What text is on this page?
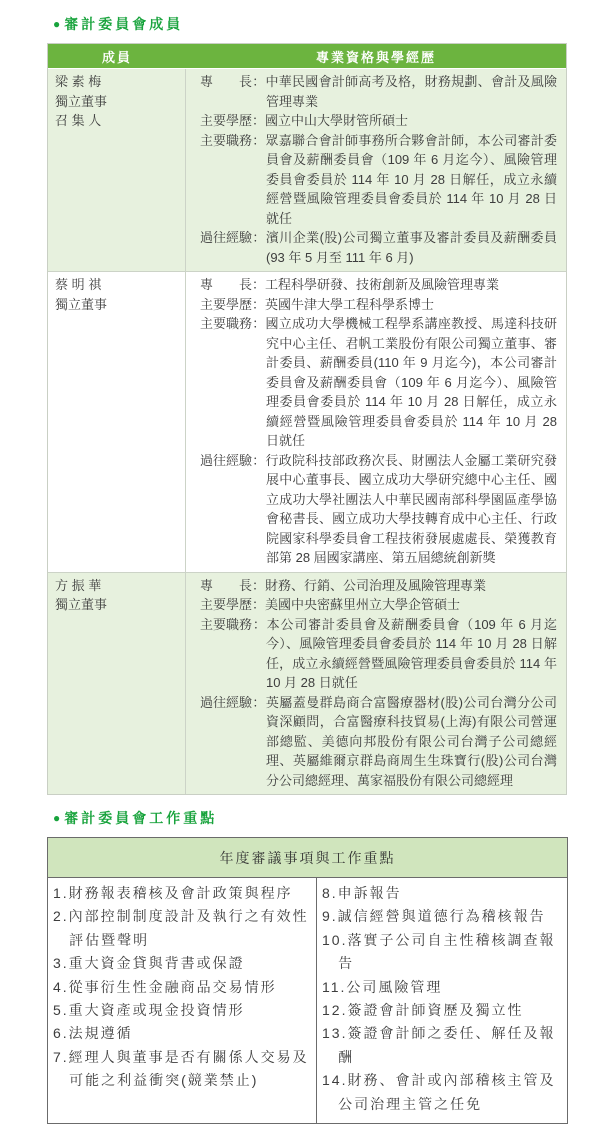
● 審計委員會成員
成員	專業資格與學經歷
梁 素 梅
獨立董事
召 集 人
專　　長：中華民國會計師高考及格，財務規劃、會計及風險管理專業
主要學歷：國立中山大學財管所碩士
主要職務：眾嘉聯合會計師事務所合夥會計師，本公司審計委員會及薪酬委員會（109 年 6 月迄今）、風險管理委員會委員於 114 年 10 月 28 日解任，成立永續經營暨風險管理委員會委員於 114 年 10 月 28 日就任
過往經驗：濱川企業(股)公司獨立董事及審計委員及薪酬委員(93 年 5 月至 111 年 6 月)
蔡 明 祺
獨立董事
專　　長：工程科學研發、技術創新及風險管理專業
主要學歷：英國牛津大學工程科學系博士
主要職務：國立成功大學機械工程學系講座教授、馬達科技研究中心主任、君帆工業股份有限公司獨立董事、審計委員、薪酬委員(110 年 9 月迄今)，本公司審計委員會及薪酬委員會（109 年 6 月迄今）、風險管理委員會委員於 114 年 10 月 28 日解任，成立永續經營暨風險管理委員會委員於 114 年 10 月 28 日就任
過往經驗：行政院科技部政務次長、財團法人金屬工業研究發展中心董事長、國立成功大學研究總中心主任、國立成功大學社團法人中華民國南部科學園區產學協會秘書長、國立成功大學技轉育成中心主任、行政院國家科學委員會工程技術發展處處長、榮獲教育部第 28 屆國家講座、第五屆總統創新獎
方 振 華
獨立董事
專　　長：財務、行銷、公司治理及風險管理專業
主要學歷：美國中央密蘇里州立大學企管碩士
主要職務：本公司審計委員會及薪酬委員會（109 年 6 月迄今）、風險管理委員會委員於 114 年 10 月 28 日解任，成立永續經營暨風險管理委員會委員於 114 年 10 月 28 日就任
過往經驗：英屬蓋曼群島商合富醫療器材(股)公司台灣分公司資深顧問，合富醫療科技貿易(上海)有限公司營運部總監、美德向邦股份有限公司台灣子公司總經理、英屬維爾京群島商周生生珠寶行(股)公司台灣分公司總經理、萬家福股份有限公司總經理
● 審計委員會工作重點
年度審議事項與工作重點
1.財務報表稽核及會計政策與程序
2.內部控制制度設計及執行之有效性評估暨聲明
3.重大資金貸與背書或保證
4.從事衍生性金融商品交易情形
5.重大資產或現金投資情形
6.法規遵循
7.經理人與董事是否有關係人交易及可能之利益衝突(競業禁止)
8.申訴報告
9.誠信經營與道德行為稽核報告
10.落實子公司自主性稽核調查報告
11.公司風險管理
12.簽證會計師資歷及獨立性
13.簽證會計師之委任、解任及報酬
14.財務、會計或內部稽核主管及公司治理主管之任免
